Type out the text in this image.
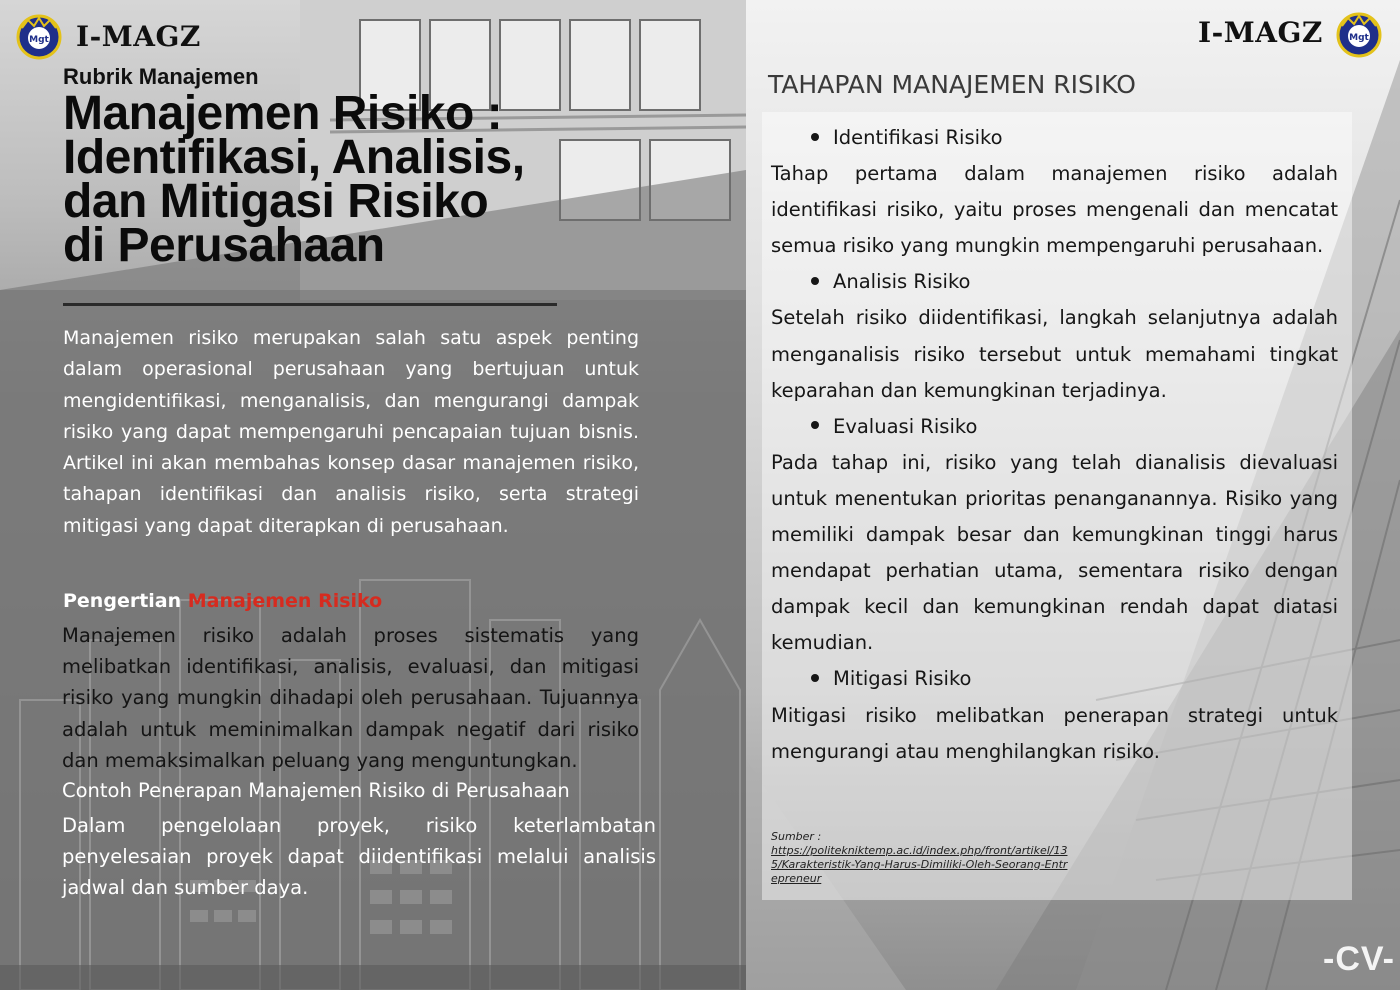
Mgt I-MAGZ
Rubrik Manajemen
Manajemen Risiko :
Identifikasi, Analisis,
dan Mitigasi Risiko
di Perusahaan

Manajemen risiko merupakan salah satu aspek penting dalam operasional perusahaan yang bertujuan untuk mengidentifikasi, menganalisis, dan mengurangi dampak risiko yang dapat mempengaruhi pencapaian tujuan bisnis. Artikel ini akan membahas konsep dasar manajemen risiko, tahapan identifikasi dan analisis risiko, serta strategi mitigasi yang dapat diterapkan di perusahaan.

Pengertian Manajemen Risiko

Manajemen risiko adalah proses sistematis yang melibatkan identifikasi, analisis, evaluasi, dan mitigasi risiko yang mungkin dihadapi oleh perusahaan. Tujuannya adalah untuk meminimalkan dampak negatif dari risiko dan memaksimalkan peluang yang menguntungkan.

Contoh Penerapan Manajemen Risiko di Perusahaan

Dalam pengelolaan proyek, risiko keterlambatan penyelesaian proyek dapat diidentifikasi melalui analisis jadwal dan sumber daya.

I-MAGZ	Mgt
TAHAPAN MANAJEMEN RISIKO
Identifikasi Risiko
Tahap pertama dalam manajemen risiko adalah identifikasi risiko, yaitu proses mengenali dan mencatat semua risiko yang mungkin mempengaruhi perusahaan.
Analisis Risiko
Setelah risiko diidentifikasi, langkah selanjutnya adalah menganalisis risiko tersebut untuk memahami tingkat keparahan dan kemungkinan terjadinya.
Evaluasi Risiko
Pada tahap ini, risiko yang telah dianalisis dievaluasi untuk menentukan prioritas penanganannya. Risiko yang memiliki dampak besar dan kemungkinan tinggi harus mendapat perhatian utama, sementara risiko dengan dampak kecil dan kemungkinan rendah dapat diatasi kemudian.
Mitigasi Risiko
Mitigasi risiko melibatkan penerapan strategi untuk mengurangi atau menghilangkan risiko.
Sumber :
https://politekniktemp.ac.id/index.php/front/artikel/135/Karakteristik-Yang-Harus-Dimiliki-Oleh-Seorang-Entrepreneur
-CV-
